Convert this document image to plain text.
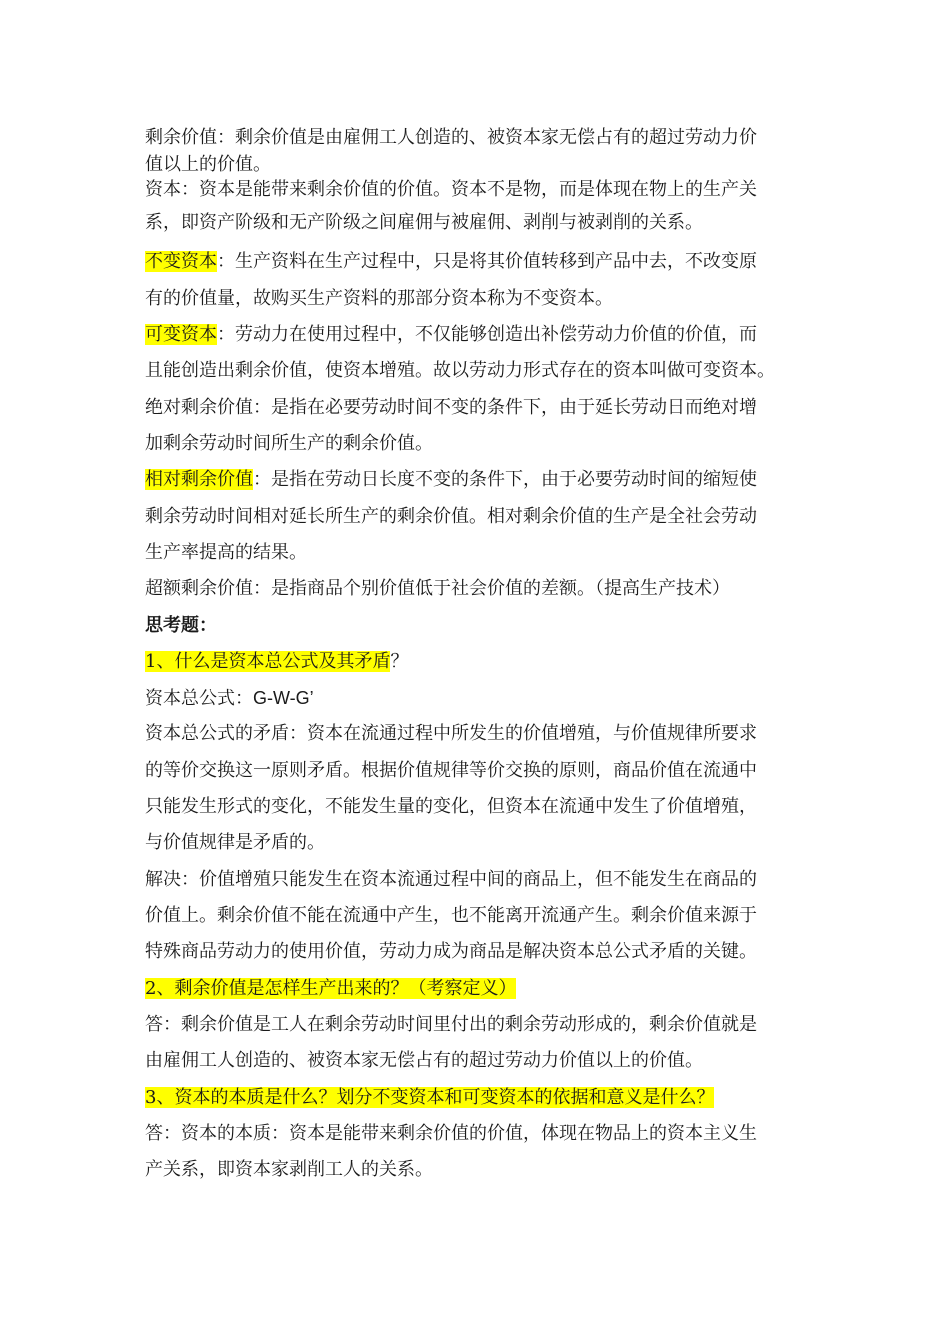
剩余价值：剩余价值是由雇佣工人创造的、被资本家无偿占有的超过劳动力价
值以上的价值。
资本：资本是能带来剩余价值的价值。资本不是物，而是体现在物上的生产关
系，即资产阶级和无产阶级之间雇佣与被雇佣、剥削与被剥削的关系。
不变资本：生产资料在生产过程中，只是将其价值转移到产品中去，不改变原
有的价值量，故购买生产资料的那部分资本称为不变资本。
可变资本：劳动力在使用过程中，不仅能够创造出补偿劳动力价值的价值，而
且能创造出剩余价值，使资本增殖。故以劳动力形式存在的资本叫做可变资本。
绝对剩余价值：是指在必要劳动时间不变的条件下，由于延长劳动日而绝对增
加剩余劳动时间所生产的剩余价值。
相对剩余价值：是指在劳动日长度不变的条件下，由于必要劳动时间的缩短使
剩余劳动时间相对延长所生产的剩余价值。相对剩余价值的生产是全社会劳动
生产率提高的结果。
超额剩余价值：是指商品个别价值低于社会价值的差额。（提高生产技术）
思考题：
1、什么是资本总公式及其矛盾？
资本总公式：G-W-G’
资本总公式的矛盾：资本在流通过程中所发生的价值增殖，与价值规律所要求
的等价交换这一原则矛盾。根据价值规律等价交换的原则，商品价值在流通中
只能发生形式的变化，不能发生量的变化，但资本在流通中发生了价值增殖，
与价值规律是矛盾的。
解决：价值增殖只能发生在资本流通过程中间的商品上，但不能发生在商品的
价值上。剩余价值不能在流通中产生，也不能离开流通产生。剩余价值来源于
特殊商品劳动力的使用价值，劳动力成为商品是解决资本总公式矛盾的关键。
2、剩余价值是怎样生产出来的？（考察定义）
答：剩余价值是工人在剩余劳动时间里付出的剩余劳动形成的，剩余价值就是
由雇佣工人创造的、被资本家无偿占有的超过劳动力价值以上的价值。
3、资本的本质是什么？划分不变资本和可变资本的依据和意义是什么？
答：资本的本质：资本是能带来剩余价值的价值，体现在物品上的资本主义生
产关系，即资本家剥削工人的关系。
